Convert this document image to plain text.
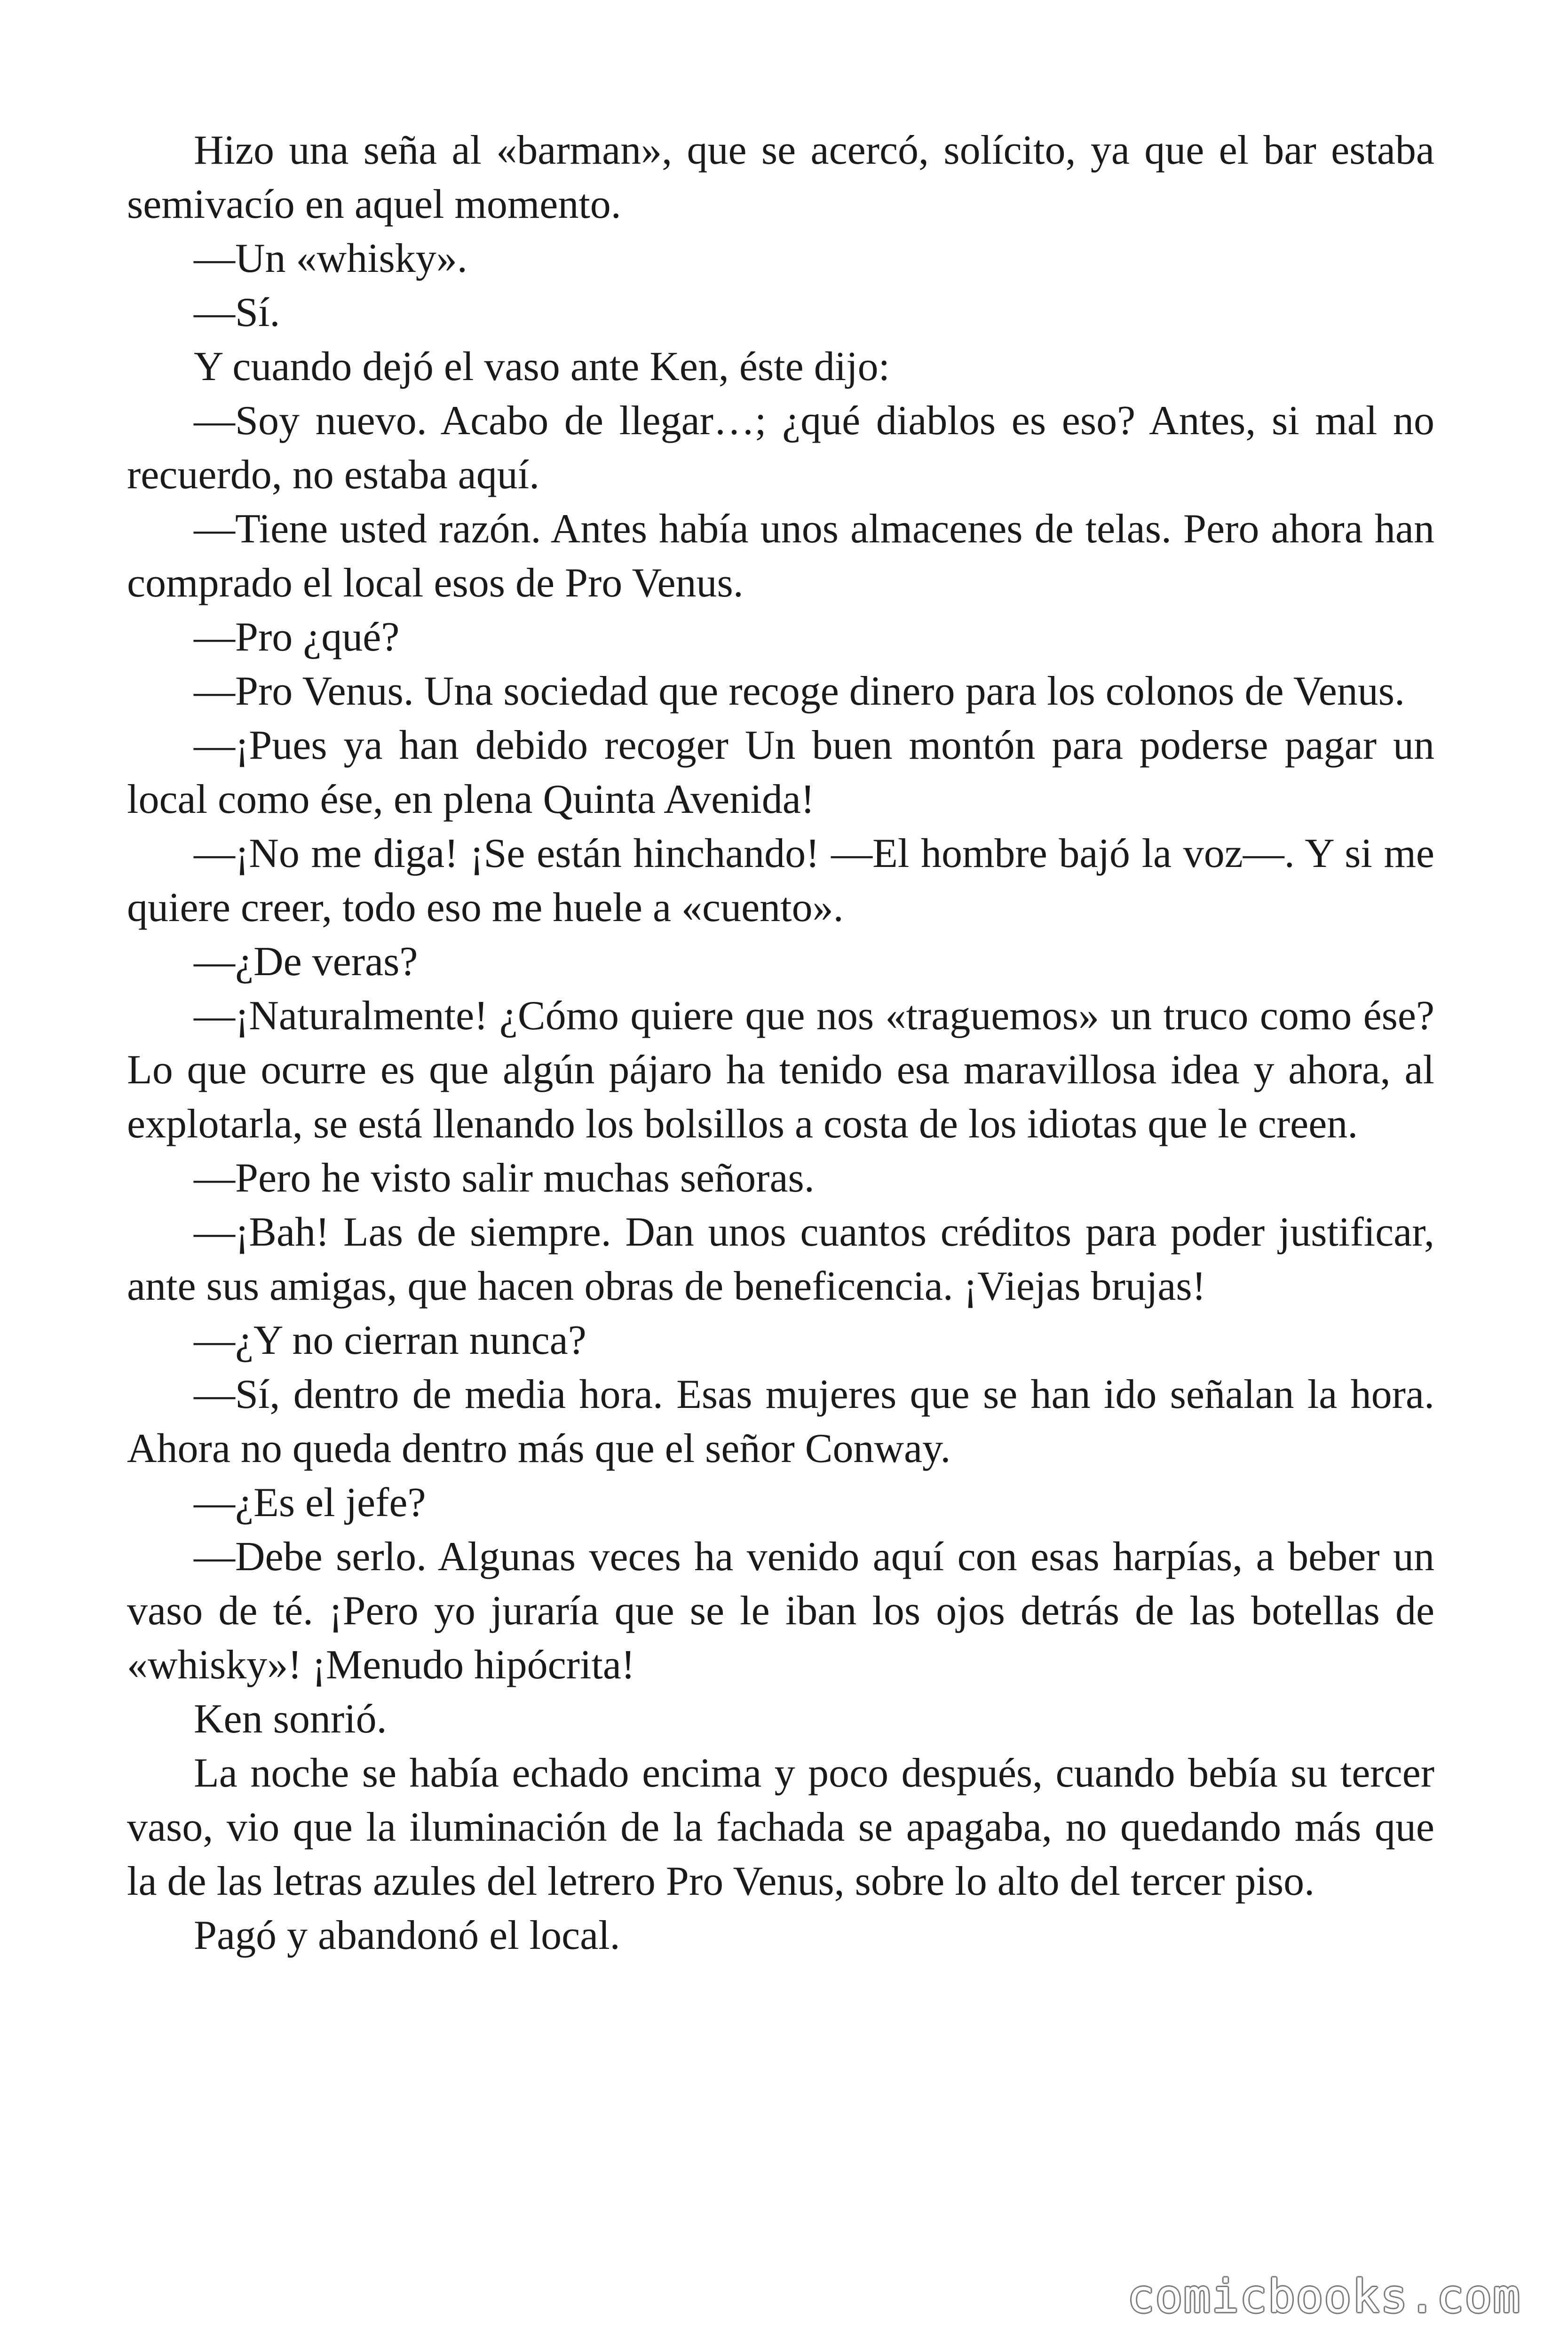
Hizo una seña al «barman», que se acercó, solícito, ya que el bar estaba semivacío en aquel momento.

—Un «whisky».

—Sí.

Y cuando dejó el vaso ante Ken, éste dijo:

—Soy nuevo. Acabo de llegar…; ¿qué diablos es eso? Antes, si mal no recuerdo, no estaba aquí.

—Tiene usted razón. Antes había unos almacenes de telas. Pero ahora han comprado el local esos de Pro Venus.

—Pro ¿qué?

—Pro Venus. Una sociedad que recoge dinero para los colonos de Venus.

—¡Pues ya han debido recoger Un buen montón para poderse pagar un local como ése, en plena Quinta Avenida!

—¡No me diga! ¡Se están hinchando! —El hombre bajó la voz—. Y si me quiere creer, todo eso me huele a «cuento».

—¿De veras?

—¡Naturalmente! ¿Cómo quiere que nos «traguemos» un truco como ése? Lo que ocurre es que algún pájaro ha tenido esa maravillosa idea y ahora, al explotarla, se está llenando los bolsillos a costa de los idiotas que le creen.

—Pero he visto salir muchas señoras.

—¡Bah! Las de siempre. Dan unos cuantos créditos para poder justificar, ante sus amigas, que hacen obras de beneficencia. ¡Viejas brujas!

—¿Y no cierran nunca?

—Sí, dentro de media hora. Esas mujeres que se han ido señalan la hora. Ahora no queda dentro más que el señor Conway.

—¿Es el jefe?

—Debe serlo. Algunas veces ha venido aquí con esas harpías, a beber un vaso de té. ¡Pero yo juraría que se le iban los ojos detrás de las botellas de «whisky»! ¡Menudo hipócrita!

Ken sonrió.

La noche se había echado encima y poco después, cuando bebía su tercer vaso, vio que la iluminación de la fachada se apagaba, no quedando más que la de las letras azules del letrero Pro Venus, sobre lo alto del tercer piso.

Pagó y abandonó el local.

comicbooks.com
